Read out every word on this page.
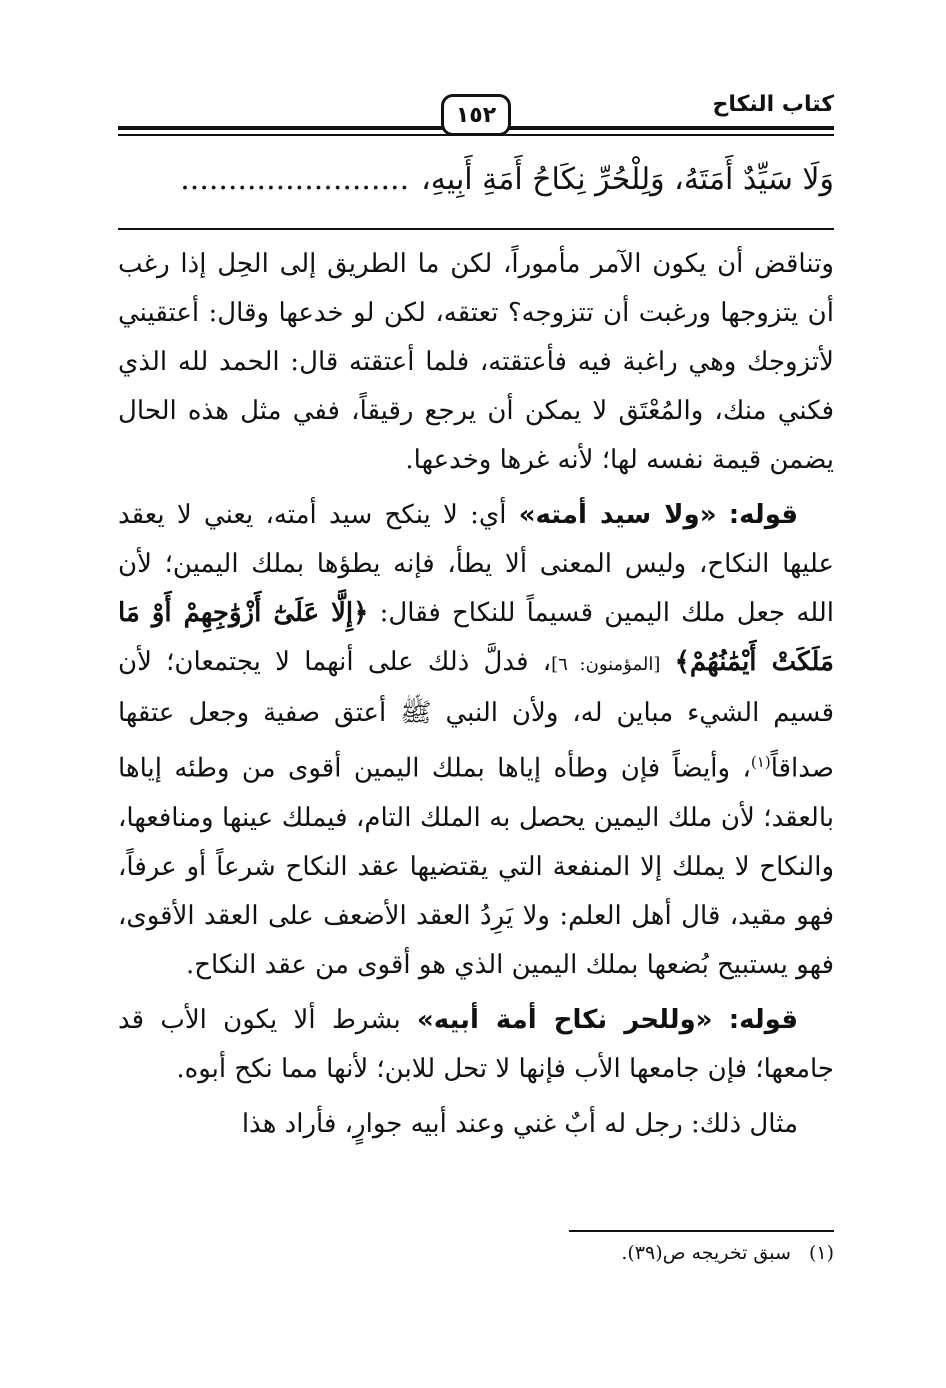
كتاب النكاح
١٥٢
وَلَا سَيِّدٌ أَمَتَهُ، وَلِلْحُرِّ نِكَاحُ أَمَةِ أَبِيهِ،........................

وتناقض أن يكون الآمر مأموراً، لكن ما الطريق إلى الحِل إذا رغب أن يتزوجها ورغبت أن تتزوجه؟ تعتقه، لكن لو خدعها وقال: أعتقيني لأتزوجك وهي راغبة فيه فأعتقته، فلما أعتقته قال: الحمد لله الذي فكني منك، والمُعْتَق لا يمكن أن يرجع رقيقاً، ففي مثل هذه الحال يضمن قيمة نفسه لها؛ لأنه غرها وخدعها.

قوله: «ولا سيد أمته» أي: لا ينكح سيد أمته، يعني لا يعقد عليها النكاح، وليس المعنى ألا يطأ، فإنه يطؤها بملك اليمين؛ لأن الله جعل ملك اليمين قسيماً للنكاح فقال: ﴿إِلَّا عَلَىٰٓ أَزْوَٰجِهِمْ أَوْ مَا مَلَكَتْ أَيْمَٰنُهُمْ﴾ [المؤمنون: ٦]، فدلَّ ذلك على أنهما لا يجتمعان؛ لأن قسيم الشيء مباين له، ولأن النبي ﷺ أعتق صفية وجعل عتقها صداقاً$^{(١)}$، وأيضاً فإن وطأه إياها بملك اليمين أقوى من وطئه إياها بالعقد؛ لأن ملك اليمين يحصل به الملك التام، فيملك عينها ومنافعها، والنكاح لا يملك إلا المنفعة التي يقتضيها عقد النكاح شرعاً أو عرفاً، فهو مقيد، قال أهل العلم: ولا يَرِدُ العقد الأضعف على العقد الأقوى، فهو يستبيح بُضعها بملك اليمين الذي هو أقوى من عقد النكاح.

قوله: «وللحر نكاح أمة أبيه» بشرط ألا يكون الأب قد جامعها؛ فإن جامعها الأب فإنها لا تحل للابن؛ لأنها مما نكح أبوه.

مثال ذلك: رجل له أبٌ غني وعند أبيه جوارٍ، فأراد هذا

(١)سبق تخريجه ص(٣٩).
